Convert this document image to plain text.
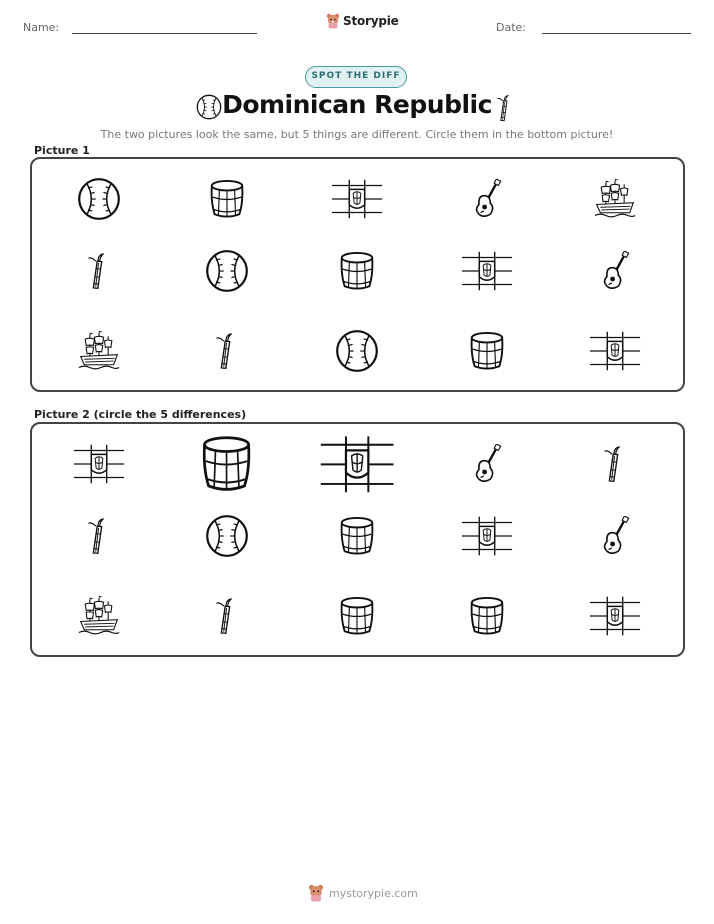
Name:	Storypie	Date:
SPOT THE DIFF
Dominican Republic
The two pictures look the same, but 5 things are different. Circle them in the bottom picture!
Picture 1
Picture 2 (circle the 5 differences)
mystorypie.com
